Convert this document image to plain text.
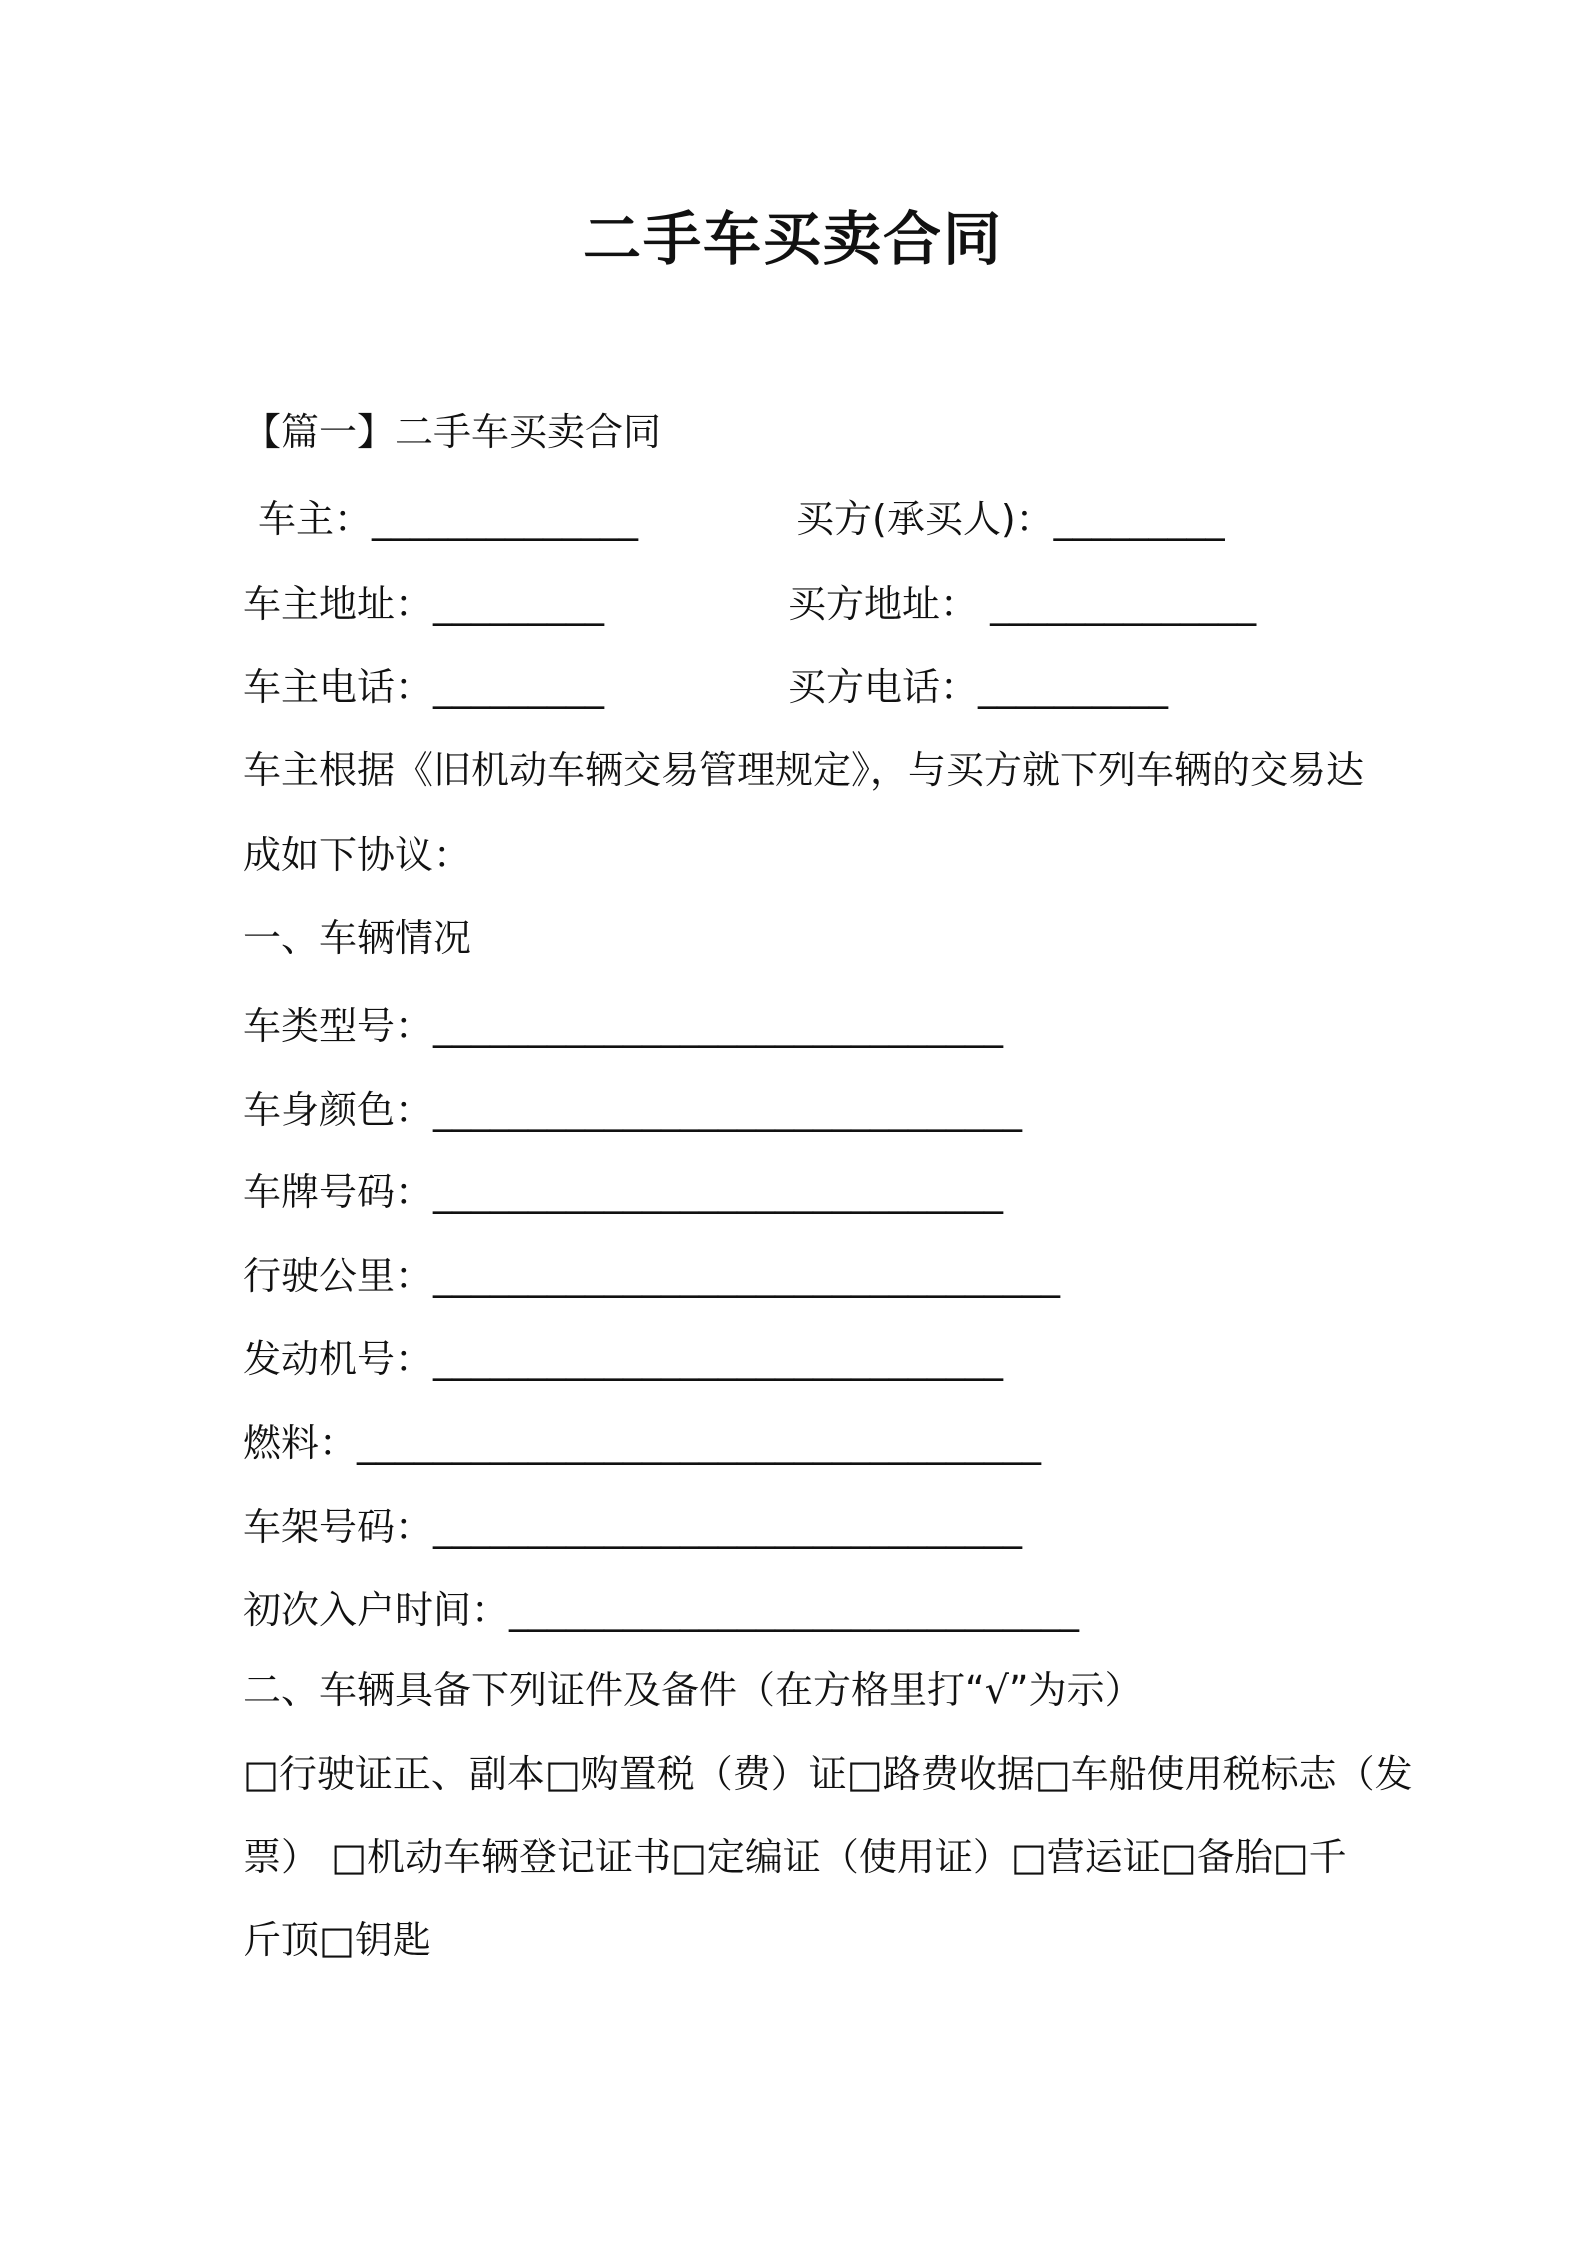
二手车买卖合同
【篇一】二手车买卖合同
车主：______________	买方(承买人)：_________
车主地址：_________	买方地址： ______________
车主电话：_________	买方电话：__________
车主根据《旧机动车辆交易管理规定》，与买方就下列车辆的交易达
成如下协议：
一、车辆情况
车类型号：______________________________
车身颜色：_______________________________
车牌号码：______________________________
行驶公里：_________________________________
发动机号：______________________________
燃料：____________________________________
车架号码：_______________________________
初次入户时间：______________________________
二、车辆具备下列证件及备件（在方格里打“√”为示）
□行驶证正、副本□购置税（费）证□路费收据□车船使用税标志（发
票） □机动车辆登记证书□定编证（使用证）□营运证□备胎□千
斤顶□钥匙
